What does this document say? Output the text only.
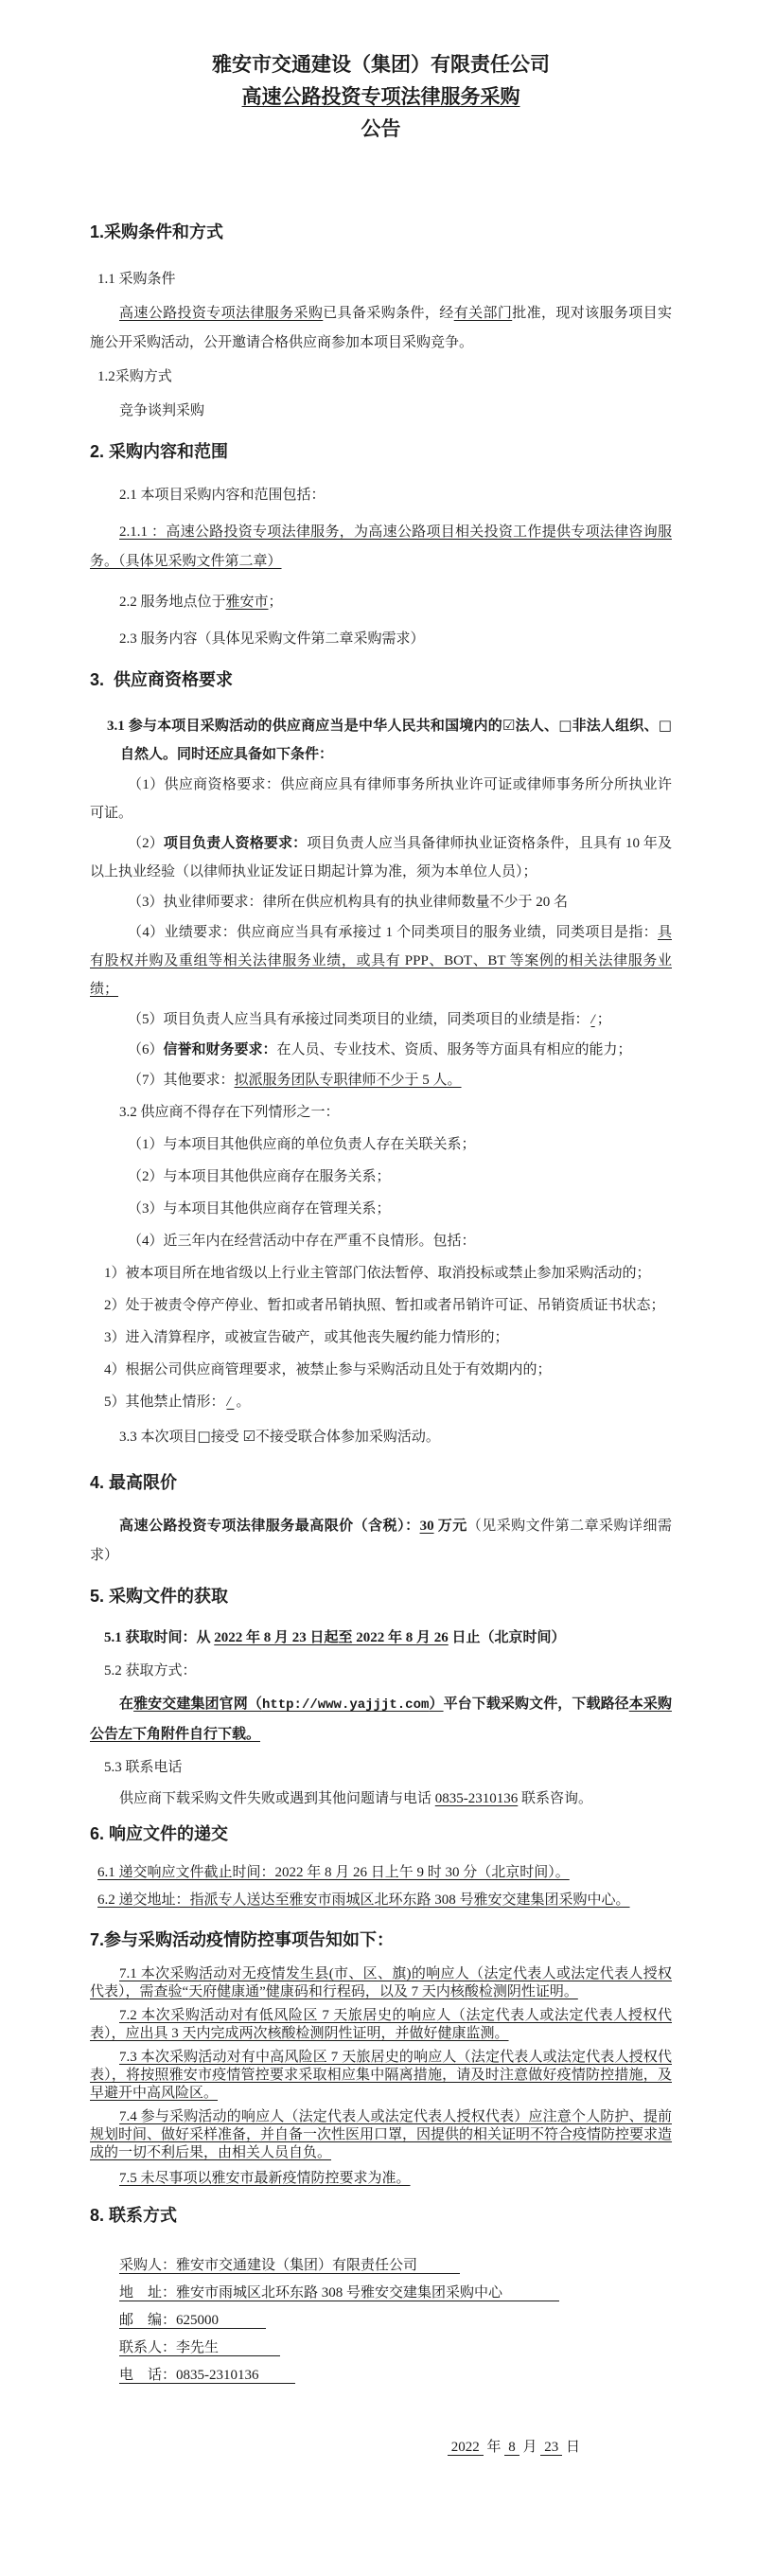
雅安市交通建设（集团）有限责任公司
高速公路投资专项法律服务采购
公告
1.采购条件和方式
1.1 采购条件
高速公路投资专项法律服务采购已具备采购条件，经有关部门批准，现对该服务项目实施公开采购活动，公开邀请合格供应商参加本项目采购竞争。
1.2采购方式
竞争谈判采购
2. 采购内容和范围
2.1 本项目采购内容和范围包括：
2.1.1 ：高速公路投资专项法律服务，为高速公路项目相关投资工作提供专项法律咨询服务。（具体见采购文件第二章）
2.2 服务地点位于雅安市；
2.3 服务内容（具体见采购文件第二章采购需求）
3.  供应商资格要求
3.1 参与本项目采购活动的供应商应当是中华人民共和国境内的☑法人、□非法人组织、□自然人。同时还应具备如下条件：
（1）供应商资格要求：供应商应具有律师事务所执业许可证或律师事务所分所执业许可证。
（2）项目负责人资格要求：项目负责人应当具备律师执业证资格条件，且具有 10 年及以上执业经验（以律师执业证发证日期起计算为准，须为本单位人员）；
（3）执业律师要求：律所在供应机构具有的执业律师数量不少于 20 名
（4）业绩要求：供应商应当具有承接过 1 个同类项目的服务业绩，同类项目是指：具有股权并购及重组等相关法律服务业绩，或具有 PPP、BOT、BT 等案例的相关法律服务业绩；
（5）项目负责人应当具有承接过同类项目的业绩，同类项目的业绩是指： / ；
（6）信誉和财务要求：在人员、专业技术、资质、服务等方面具有相应的能力；
（7）其他要求：拟派服务团队专职律师不少于 5 人。
3.2 供应商不得存在下列情形之一：
（1）与本项目其他供应商的单位负责人存在关联关系；
（2）与本项目其他供应商存在服务关系；
（3）与本项目其他供应商存在管理关系；
（4）近三年内在经营活动中存在严重不良情形。包括：
1）被本项目所在地省级以上行业主管部门依法暂停、取消投标或禁止参加采购活动的；
2）处于被责令停产停业、暂扣或者吊销执照、暂扣或者吊销许可证、吊销资质证书状态；
3）进入清算程序，或被宣告破产，或其他丧失履约能力情形的；
4）根据公司供应商管理要求，被禁止参与采购活动且处于有效期内的；
5）其他禁止情形： / 。
3.3 本次项目□接受 ☑不接受联合体参加采购活动。
4. 最高限价
高速公路投资专项法律服务最高限价（含税）：30 万元（见采购文件第二章采购详细需求）
5. 采购文件的获取
5.1 获取时间：从 2022 年 8 月 23 日起至 2022 年 8 月 26 日止（北京时间）
5.2 获取方式：
在雅安交建集团官网（http://www.yajjjt.com）平台下载采购文件，下载路径本采购公告左下角附件自行下载。
5.3 联系电话
供应商下载采购文件失败或遇到其他问题请与电话 0835-2310136 联系咨询。
6. 响应文件的递交
6.1 递交响应文件截止时间：2022 年 8 月 26 日上午 9 时 30 分（北京时间）。
6.2 递交地址：指派专人送达至雅安市雨城区北环东路 308 号雅安交建集团采购中心。
7.参与采购活动疫情防控事项告知如下：
7.1 本次采购活动对无疫情发生县(市、区、旗)的响应人（法定代表人或法定代表人授权代表），需查验“天府健康通”健康码和行程码，以及 7 天内核酸检测阴性证明。
7.2 本次采购活动对有低风险区 7 天旅居史的响应人（法定代表人或法定代表人授权代表），应出具 3 天内完成两次核酸检测阴性证明，并做好健康监测。
7.3 本次采购活动对有中高风险区 7 天旅居史的响应人（法定代表人或法定代表人授权代表），将按照雅安市疫情管控要求采取相应集中隔离措施，请及时注意做好疫情防控措施，及早避开中高风险区。
7.4 参与采购活动的响应人（法定代表人或法定代表人授权代表）应注意个人防护、提前规划时间、做好采样准备，并自备一次性医用口罩，因提供的相关证明不符合疫情防控要求造成的一切不利后果，由相关人员自负。
7.5 未尽事项以雅安市最新疫情防控要求为准。
8. 联系方式
采购人：雅安市交通建设（集团）有限责任公司
地　址：雅安市雨城区北环东路 308 号雅安交建集团采购中心
邮　编：625000
联系人：李先生
电　话：0835-2310136
2022 年 8 月 23 日
